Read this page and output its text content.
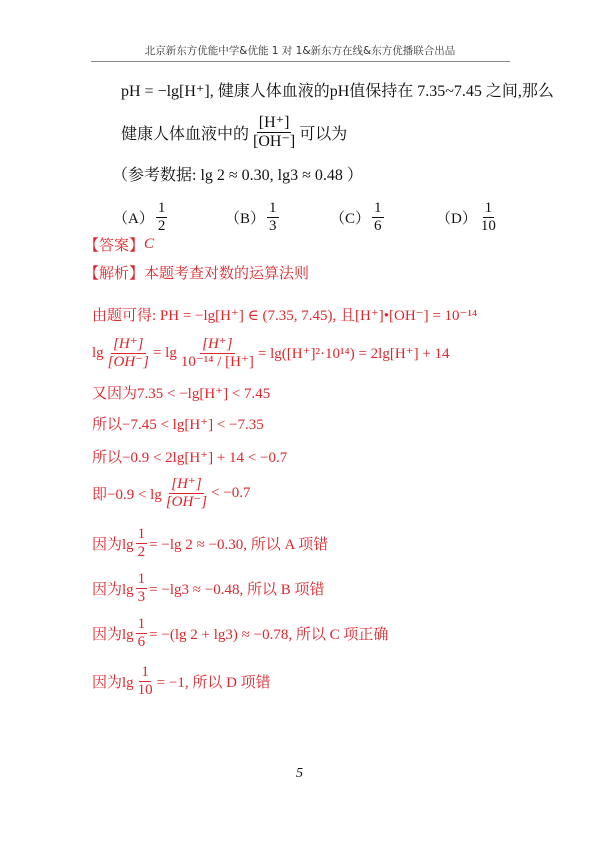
北京新东方优能中学&优能 1 对 1&新东方在线&东方优播联合出品
pH = −lg[H⁺], 健康人体血液的pH值保持在 7.35~7.45 之间,那么
健康人体血液中的 $\frac{[H^+]}{[OH^-]}$ 可以为
（参考数据: lg 2 ≈ 0.30, lg3 ≈ 0.48 ）
$(A) \frac{1}{2}$	$(B) \frac{1}{3}$	$(C) \frac{1}{6}$	$(D) \frac{1}{10}$
【答案】 C
【解析】 本题考查对数的运算法则
由题可得: PH = −lg[H⁺] ∈ (7.35, 7.45), 且[H⁺]•[OH⁻] = 10⁻¹⁴
$\lg \frac{[H^+]}{[OH^-]} = \lg \frac{[H^+]}{\text{10⁻¹⁴ / [H⁺]}} = \lg([H^+]^2\cdot 10^{14}) = 2\lg[H^+] + 14$
又因为7.35 < −lg[H⁺] < 7.45
所以−7.45 < lg[H⁺] < −7.35
所以−0.9 < 2lg[H⁺] + 14 < −0.7
即$-0.9 < \lg \frac{[H^+]}{[OH^-]} < -0.7$
因为$\lg \frac{1}{2} = -\lg$ 2 ≈ −0.30, 所以 A 项错
因为$\lg \frac{1}{3} = -\lg 3 \approx -0.48$, 所以 B 项错
因为$\lg \frac{1}{6} = -(\lg$ 2 + lg3) ≈ −0.78, 所以 C 项正确
因为$\lg \frac{1}{10} = -1$, 所以 D 项错
5
